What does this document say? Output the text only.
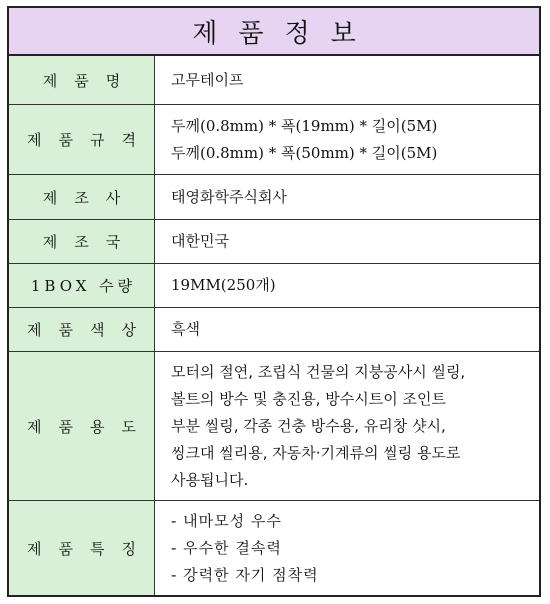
제품정보
제품명 고무테이프
제품규격
두께(0.8mm) * 폭(19mm) * 길이(5M)
두께(0.8mm) * 폭(50mm) * 길이(5M)
제조사 태영화학주식회사
제조국 대한민국
1BOX 수량 19MM(250개)
제품색상 흑색
제품용도
모터의 절연, 조립식 건물의 지붕공사시 씰링,
볼트의 방수 및 충진용, 방수시트이 조인트
부분 씰링, 각종 건충 방수용, 유리창 샷시,
씽크대 씰리용, 자동차·기계류의 씰링 용도로
사용됩니다.
제품특징
- 내마모성 우수
- 우수한 결속력
- 강력한 자기 점착력
